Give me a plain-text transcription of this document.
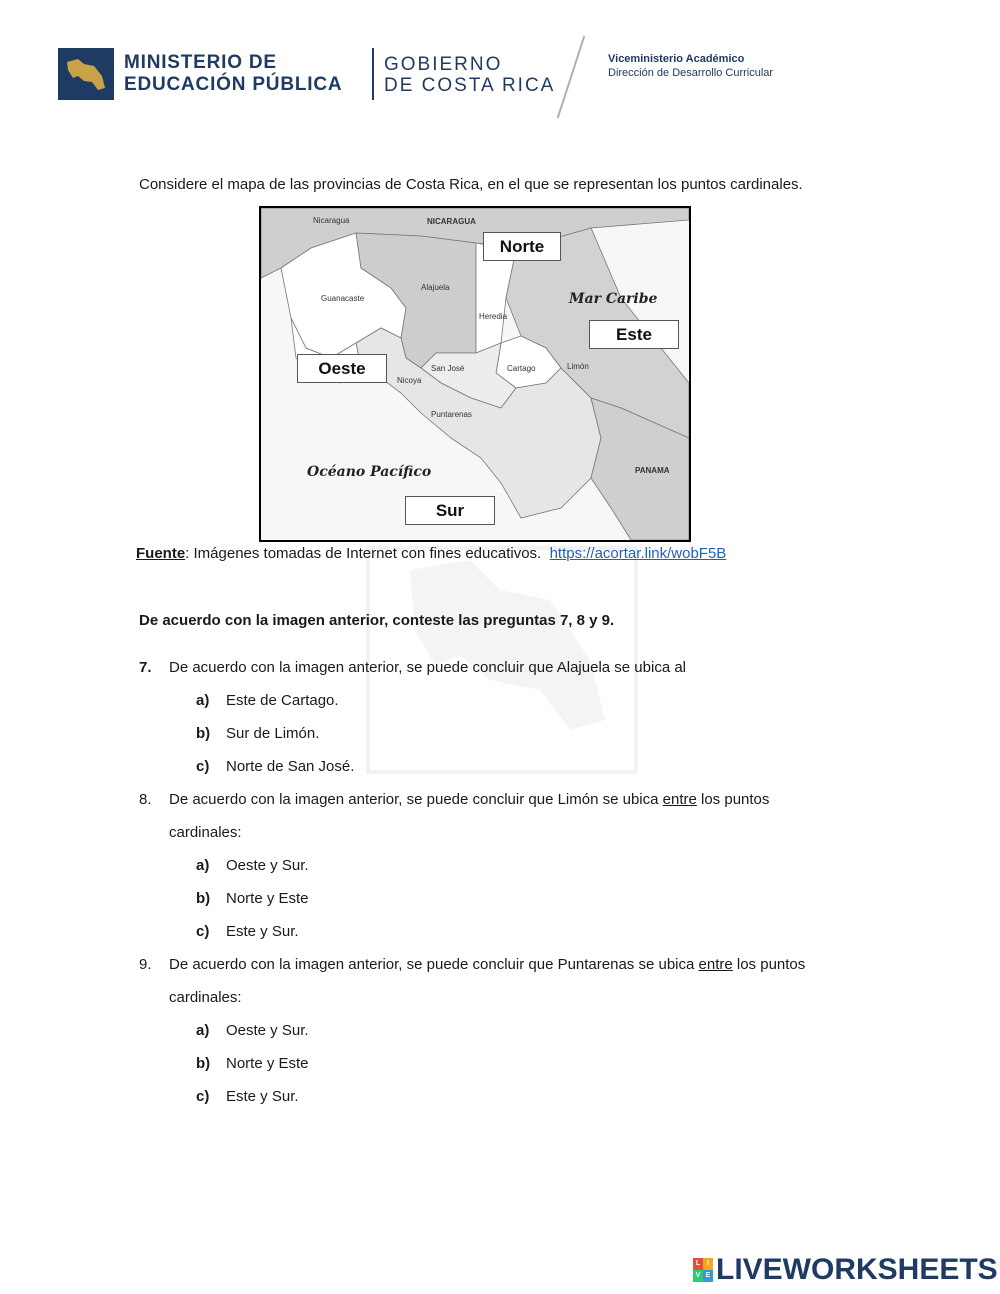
MINISTERIO DE
EDUCACIÓN PÚBLICA
GOBIERNO
DE COSTA RICA
Viceministerio Académico
Dirección de Desarrollo Curricular
Considere el mapa de las provincias de Costa Rica, en el que se representan los puntos cardinales.
Nicaragua	NICARAGUA
Guanacaste
Alajuela
Heredia
San José	Cartago	Limón
Puntarenas
Nicoya
PANAMA
Mar Caribe
Océano Pacífico
Norte
Este
Oeste
Sur
Fuente: Imágenes tomadas de Internet con fines educativos. https://acortar.link/wobF5B
De acuerdo con la imagen anterior, conteste las preguntas 7, 8 y 9.
7. De acuerdo con la imagen anterior, se puede concluir que Alajuela se ubica al
a) Este de Cartago.
b) Sur de Limón.
c) Norte de San José.
8. De acuerdo con la imagen anterior, se puede concluir que Limón se ubica entre los puntos
cardinales:
a) Oeste y Sur.
b) Norte y Este
c) Este y Sur.
9. De acuerdo con la imagen anterior, se puede concluir que Puntarenas se ubica entre los puntos
cardinales:
a) Oeste y Sur.
b) Norte y Este
c) Este y Sur.
L I
V E LIVEWORKSHEETS
